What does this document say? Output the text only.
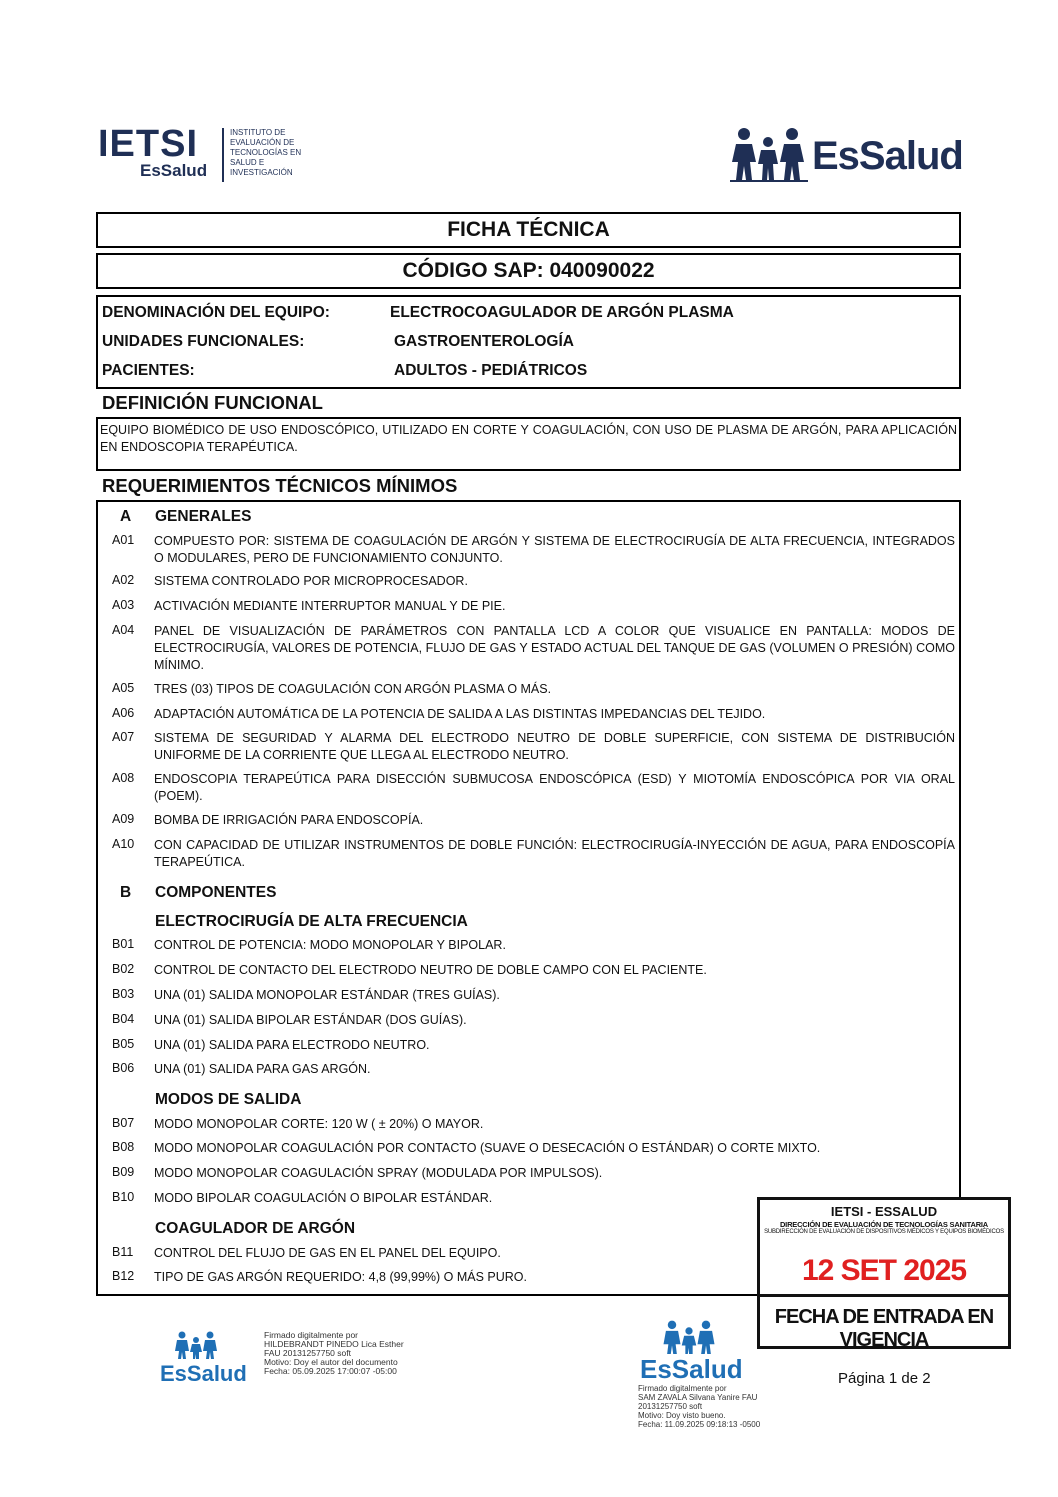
IETSI
EsSalud
INSTITUTO DE
EVALUACIÓN DE
TECNOLOGÍAS EN
SALUD E
INVESTIGACIÓN	EsSalud
FICHA TÉCNICA
CÓDIGO SAP: 040090022
DENOMINACIÓN DEL EQUIPO:	ELECTROCOAGULADOR DE ARGÓN PLASMA
UNIDADES FUNCIONALES:	GASTROENTEROLOGÍA
PACIENTES:	ADULTOS - PEDIÁTRICOS
DEFINICIÓN FUNCIONAL
EQUIPO BIOMÉDICO DE USO ENDOSCÓPICO, UTILIZADO EN CORTE Y COAGULACIÓN, CON USO DE PLASMA DE ARGÓN, PARA APLICACIÓN EN ENDOSCOPIA TERAPÉUTICA.
REQUERIMIENTOS TÉCNICOS MÍNIMOS
A GENERALES
A01	COMPUESTO POR: SISTEMA DE COAGULACIÓN DE ARGÓN Y SISTEMA DE ELECTROCIRUGÍA DE ALTA FRECUENCIA, INTEGRADOS O MODULARES, PERO DE FUNCIONAMIENTO CONJUNTO.
A02	SISTEMA CONTROLADO POR MICROPROCESADOR.
A03	ACTIVACIÓN MEDIANTE INTERRUPTOR MANUAL Y DE PIE.
A04	PANEL DE VISUALIZACIÓN DE PARÁMETROS CON PANTALLA LCD A COLOR QUE VISUALICE EN PANTALLA: MODOS DE ELECTROCIRUGÍA, VALORES DE POTENCIA, FLUJO DE GAS Y ESTADO ACTUAL DEL TANQUE DE GAS (VOLUMEN O PRESIÓN) COMO MÍNIMO.
A05	TRES (03) TIPOS DE COAGULACIÓN CON ARGÓN PLASMA O MÁS.
A06	ADAPTACIÓN AUTOMÁTICA DE LA POTENCIA DE SALIDA A LAS DISTINTAS IMPEDANCIAS DEL TEJIDO.
A07	SISTEMA DE SEGURIDAD Y ALARMA DEL ELECTRODO NEUTRO DE DOBLE SUPERFICIE, CON SISTEMA DE DISTRIBUCIÓN UNIFORME DE LA CORRIENTE QUE LLEGA AL ELECTRODO NEUTRO.
A08	ENDOSCOPIA TERAPEÚTICA PARA DISECCIÓN SUBMUCOSA ENDOSCÓPICA (ESD) Y MIOTOMÍA ENDOSCÓPICA POR VIA ORAL (POEM).
A09	BOMBA DE IRRIGACIÓN PARA ENDOSCOPÍA.
A10	CON CAPACIDAD DE UTILIZAR INSTRUMENTOS DE DOBLE FUNCIÓN: ELECTROCIRUGÍA-INYECCIÓN DE AGUA, PARA ENDOSCOPÍA TERAPEÚTICA.
B COMPONENTES
ELECTROCIRUGÍA DE ALTA FRECUENCIA
B01	CONTROL DE POTENCIA: MODO MONOPOLAR Y BIPOLAR.
B02	CONTROL DE CONTACTO DEL ELECTRODO NEUTRO DE DOBLE CAMPO CON EL PACIENTE.
B03	UNA (01) SALIDA MONOPOLAR ESTÁNDAR (TRES GUÍAS).
B04	UNA (01) SALIDA BIPOLAR ESTÁNDAR (DOS GUÍAS).
B05	UNA (01) SALIDA PARA ELECTRODO NEUTRO.
B06	UNA (01) SALIDA PARA GAS ARGÓN.
MODOS DE SALIDA
B07	MODO MONOPOLAR CORTE: 120 W ( ± 20%) O MAYOR.
B08	MODO MONOPOLAR COAGULACIÓN POR CONTACTO (SUAVE O DESECACIÓN O ESTÁNDAR) O CORTE MIXTO.
B09	MODO MONOPOLAR COAGULACIÓN SPRAY (MODULADA POR IMPULSOS).
B10	MODO BIPOLAR COAGULACIÓN O BIPOLAR ESTÁNDAR.
COAGULADOR DE ARGÓN
B11	CONTROL DEL FLUJO DE GAS EN EL PANEL DEL EQUIPO.
B12	TIPO DE GAS ARGÓN REQUERIDO: 4,8 (99,99%) O MÁS PURO.
IETSI - ESSALUD
DIRECCIÓN DE EVALUACIÓN DE TECNOLOGÍAS SANITARIA
SUBDIRECCIÓN DE EVALUACIÓN DE DISPOSITIVOS MÉDICOS Y EQUIPOS BIOMÉDICOS
12 SET 2025
FECHA DE ENTRADA EN VIGENCIA
EsSalud
Firmado digitalmente por
HILDEBRANDT PINEDO Lica Esther
FAU 20131257750 soft
Motivo: Doy el autor del documento
Fecha: 05.09.2025 17:00:07 -05:00	EsSalud
Firmado digitalmente por
SAM ZAVALA Silvana Yanire FAU
20131257750 soft
Motivo: Doy visto bueno.
Fecha: 11.09.2025 09:18:13 -0500
Página 1 de 2
